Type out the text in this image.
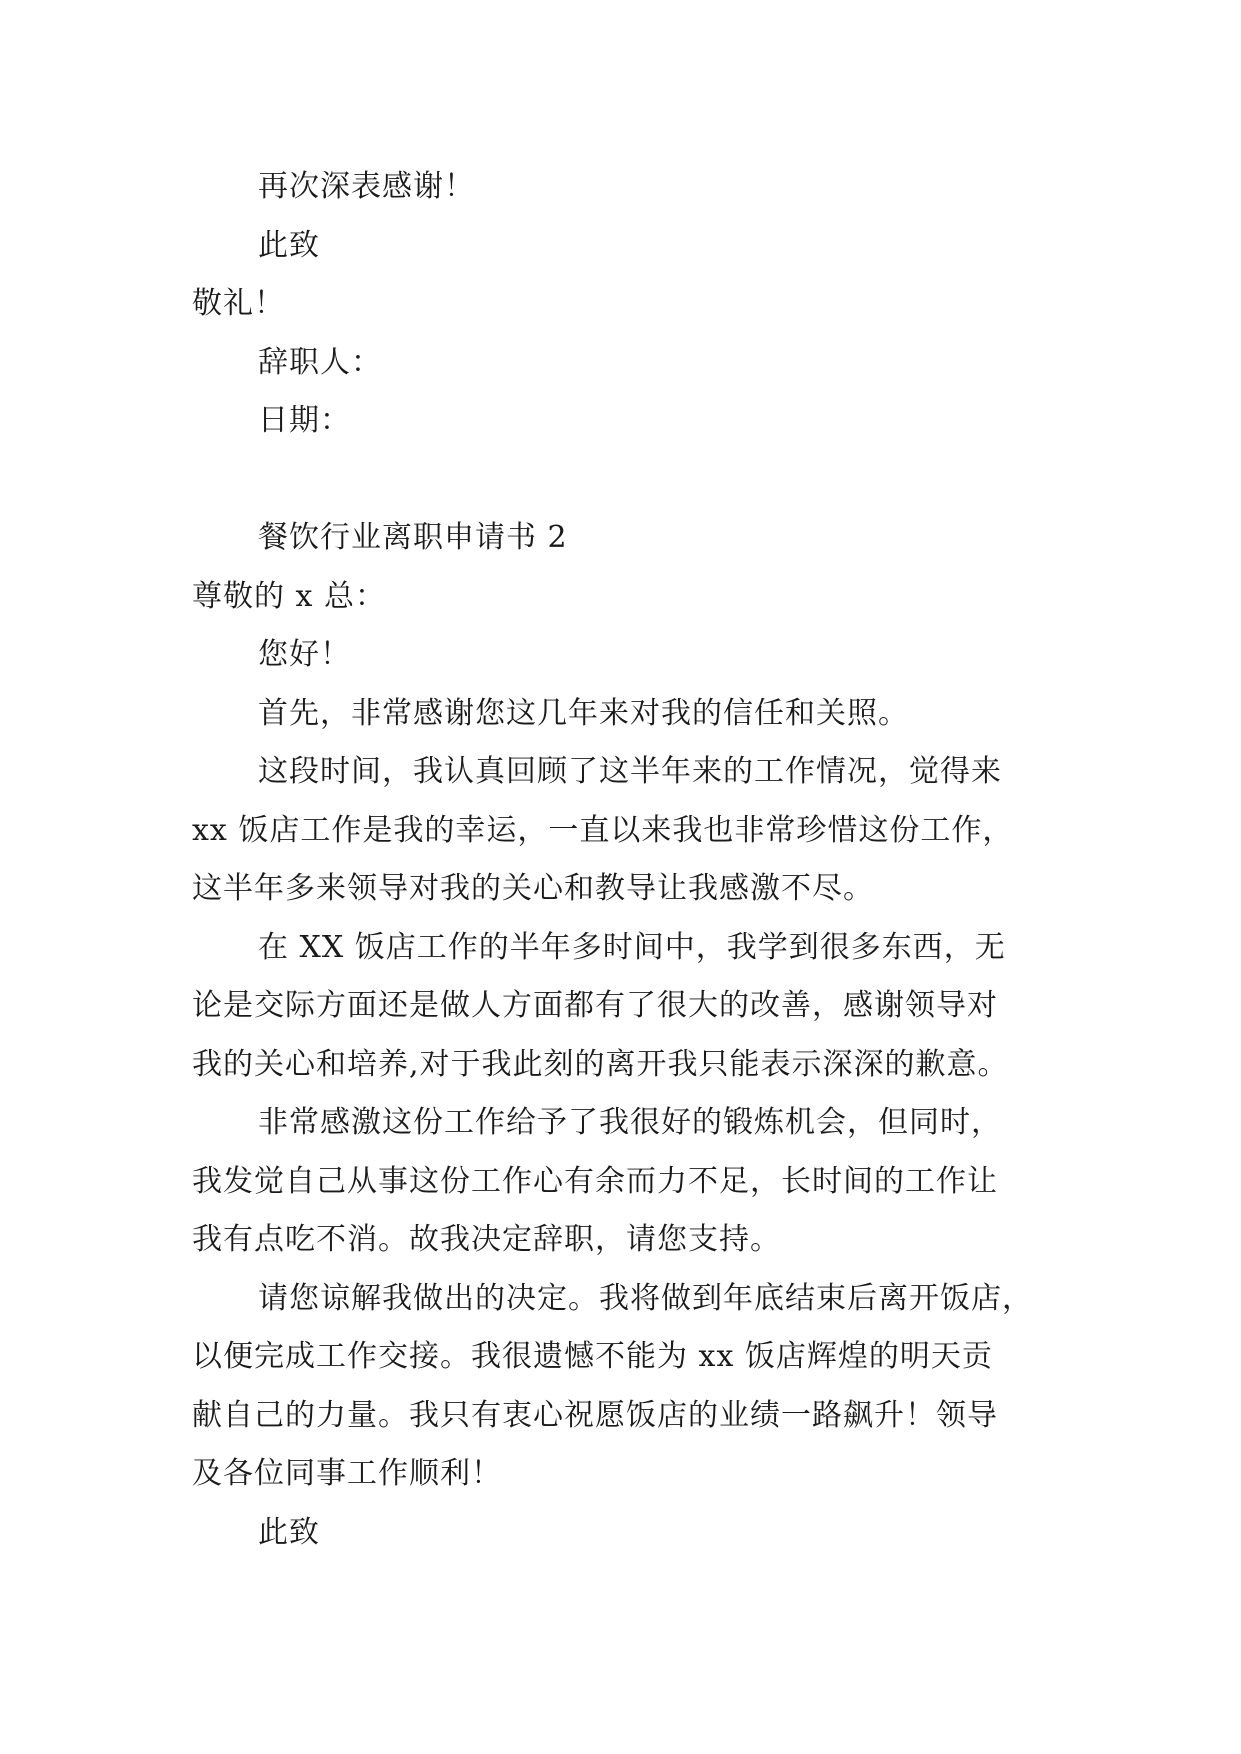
再次深表感谢！
此致
敬礼！
辞职人：
日期：
餐饮行业离职申请书 2
尊敬的 x 总：
您好！
首先，非常感谢您这几年来对我的信任和关照。
这段时间，我认真回顾了这半年来的工作情况，觉得来
xx 饭店工作是我的幸运，一直以来我也非常珍惜这份工作，
这半年多来领导对我的关心和教导让我感激不尽。
在 XX 饭店工作的半年多时间中，我学到很多东西，无
论是交际方面还是做人方面都有了很大的改善，感谢领导对
我的关心和培养,对于我此刻的离开我只能表示深深的歉意。
非常感激这份工作给予了我很好的锻炼机会，但同时，
我发觉自己从事这份工作心有余而力不足，长时间的工作让
我有点吃不消。故我决定辞职，请您支持。
请您谅解我做出的决定。我将做到年底结束后离开饭店，
以便完成工作交接。我很遗憾不能为 xx 饭店辉煌的明天贡
献自己的力量。我只有衷心祝愿饭店的业绩一路飙升！领导
及各位同事工作顺利！
此致
